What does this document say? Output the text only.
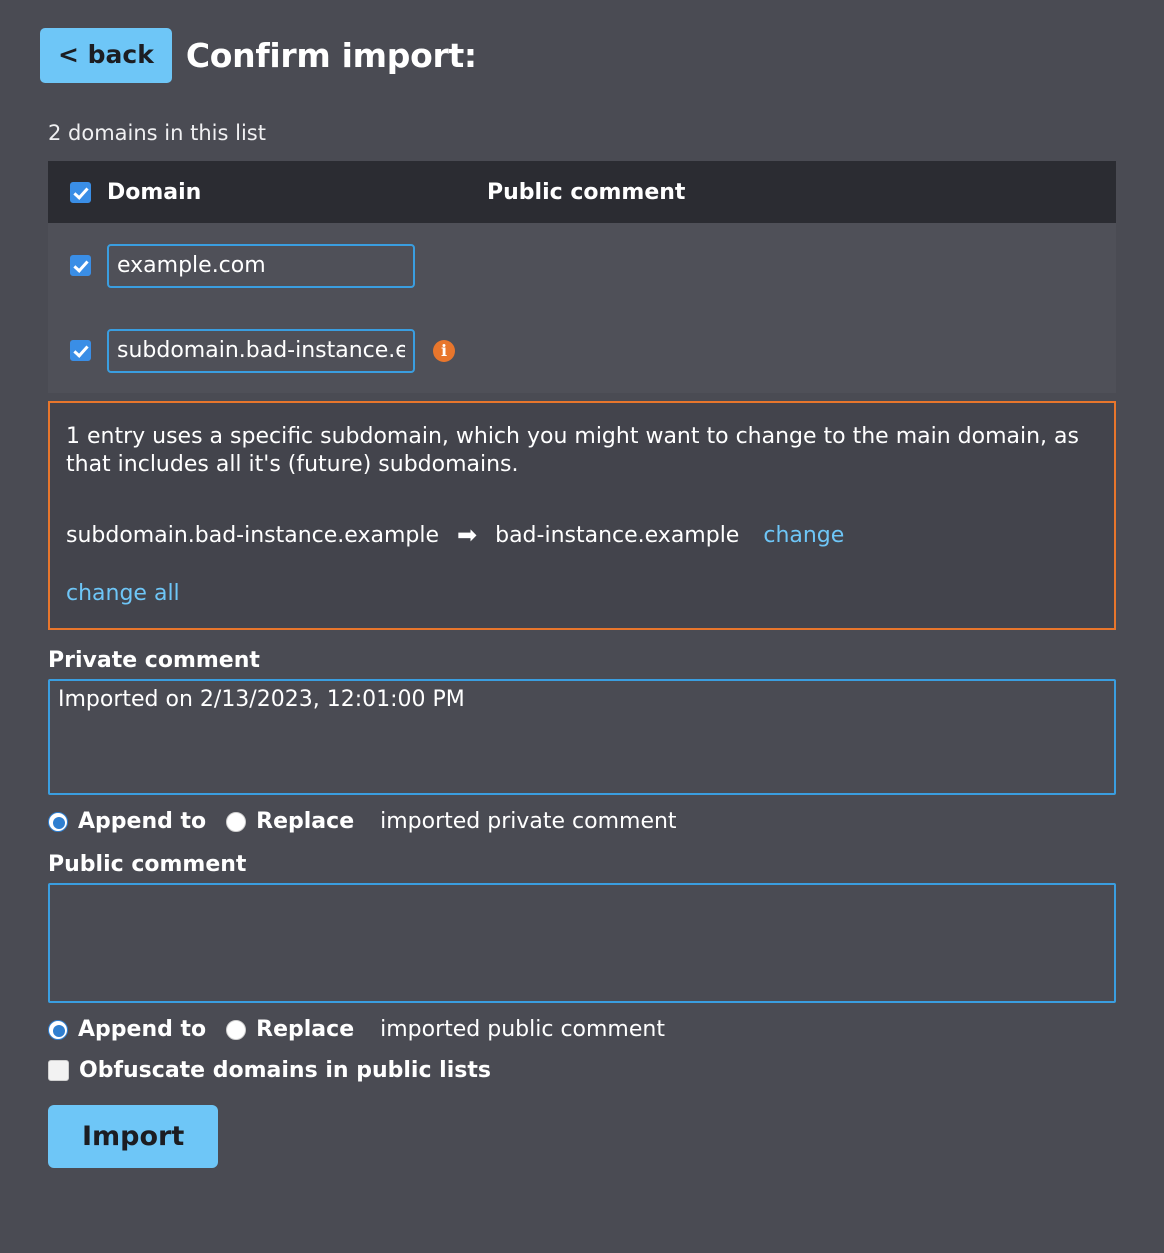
< back Confirm import:
2 domains in this list
Domain	Public comment
example.com
subdomain.bad-instance.example
i
1 entry uses a specific subdomain, which you might want to change to the main domain, as that includes all it's (future) subdomains.
subdomain.bad-instance.example ➡ bad-instance.example change
change all
Private comment
Imported on 2/13/2023, 12:01:00 PM
Append to Replace imported private comment
Public comment
Append to Replace imported public comment
Obfuscate domains in public lists
Import
